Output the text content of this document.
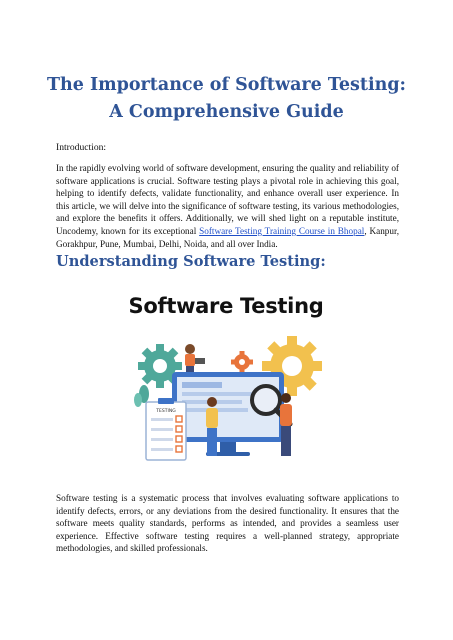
The Importance of Software Testing: A Comprehensive Guide
Introduction:
In the rapidly evolving world of software development, ensuring the quality and reliability of software applications is crucial. Software testing plays a pivotal role in achieving this goal, helping to identify defects, validate functionality, and enhance overall user experience. In this article, we will delve into the significance of software testing, its various methodologies, and explore the benefits it offers. Additionally, we will shed light on a reputable institute, Uncodemy, known for its exceptional Software Testing Training Course in Bhopal, Kanpur, Gorakhpur, Pune, Mumbai, Delhi, Noida, and all over India.
Understanding Software Testing:
TESTING
Software Testing
Software testing is a systematic process that involves evaluating software applications to identify defects, errors, or any deviations from the desired functionality. It ensures that the software meets quality standards, performs as intended, and provides a seamless user experience. Effective software testing requires a well-planned strategy, appropriate methodologies, and skilled professionals.
